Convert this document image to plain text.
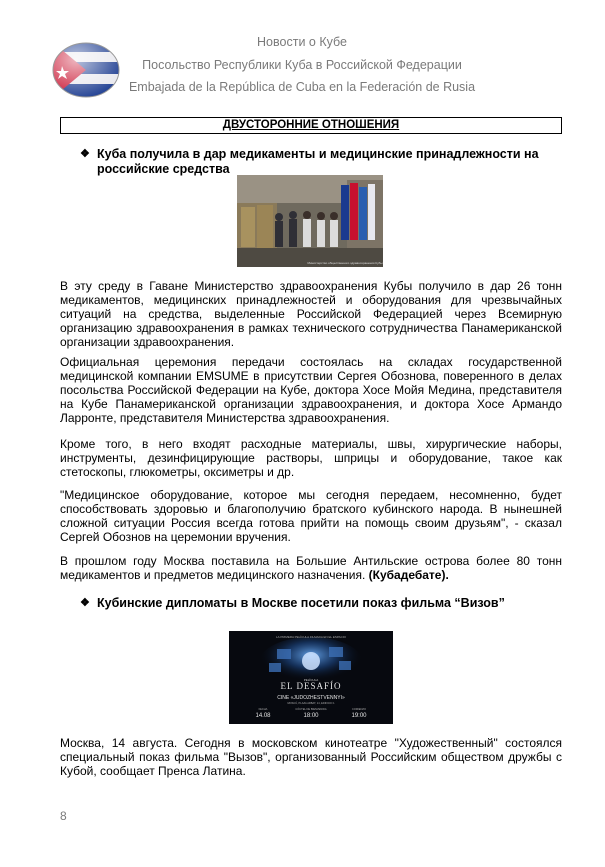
Новости о Кубе
Посольство Республики Куба в Российской Федерации
Embajada de la República de Cuba en la Federación de Rusia
ДВУСТОРОННИЕ ОТНОШЕНИЯ
❖ Куба получила в дар медикаменты и медицинские принадлежности на российские средства
Министерство общественного здравоохранения Кубы
В эту среду в Гаване Министерство здравоохранения Кубы получило в дар 26 тонн медикаментов, медицинских принадлежностей и оборудования для чрезвычайных ситуаций на средства, выделенные Российской Федерацией через Всемирную организацию здравоохранения в рамках технического сотрудничества Панамериканской организации здравоохранения.
Официальная церемония передачи состоялась на складах государственной медицинской компании EMSUME в присутствии Сергея Обознова, поверенного в делах посольства Российской Федерации на Кубе, доктора Хосе Мойя Медина, представителя на Кубе Панамериканской организации здравоохранения, и доктора Хосе Армандо Ларронте, представителя Министерства здравоохранения.
Кроме того, в него входят расходные материалы, швы, хирургические наборы, инструменты, дезинфицирующие растворы, шприцы и оборудование, такое как стетоскопы, глюкометры, оксиметры и др.
"Медицинское оборудование, которое мы сегодня передаем, несомненно, будет способствовать здоровью и благополучию братского кубинского народа. В нынешней сложной ситуации Россия всегда готова прийти на помощь своим друзьям", - сказал Сергей Обознов на церемонии вручения.
В прошлом году Москва поставила на Большие Антильские острова более 80 тонн медикаментов и предметов медицинского назначения. (Кубадебате).
❖ Кубинские дипломаты в Москве посетили показ фильма “Визов”
LA PRIMERA PELÍCULA FILMADA EN EL ESPACIO
PELÍCULA
EL DESAFÍO
CINE «JUDOZHESTVENNYI»
MOSCÚ, PLAZA ARBAT, 14, EDIFICIO 1
FECHA	CÓCTEL DE BIENVENIDA	COMIENZO
14.08	18:00	19:00
Москва, 14 августа. Сегодня в московском кинотеатре "Художественный" состоялся специальный показ фильма "Вызов", организованный Российским обществом дружбы с Кубой, сообщает Пренса Латина.
8
